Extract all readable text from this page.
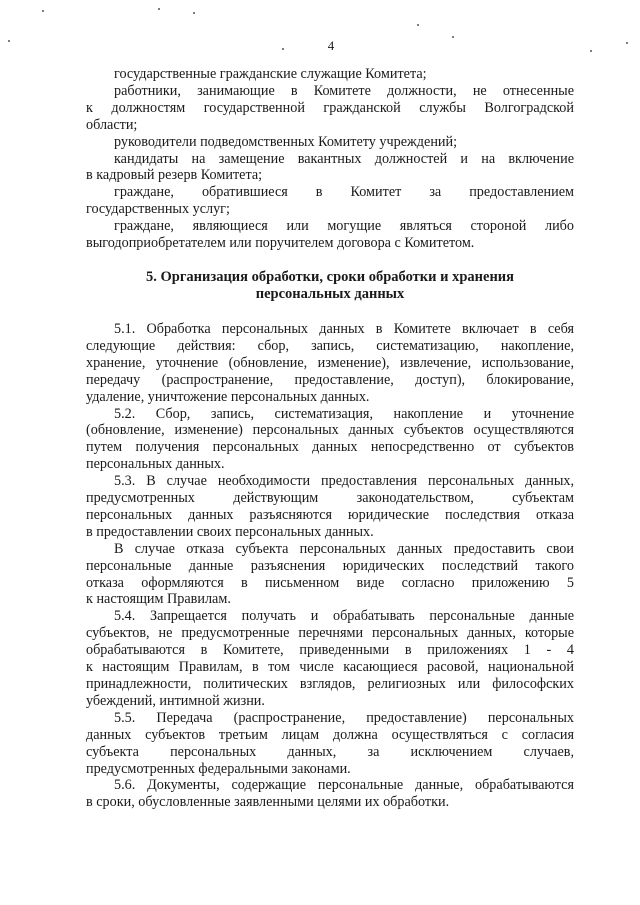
4
государственные гражданские служащие Комитета;
работники, занимающие в Комитете должности, не отнесенные
к должностям государственной гражданской службы Волгоградской
области;
руководители подведомственных Комитету учреждений;
кандидаты на замещение вакантных должностей и на включение
в кадровый резерв Комитета;
граждане, обратившиеся в Комитет за предоставлением
государственных услуг;
граждане, являющиеся или могущие являться стороной либо
выгодоприобретателем или поручителем договора с Комитетом.
5. Организация обработки, сроки обработки и хранения
персональных данных
5.1. Обработка персональных данных в Комитете включает в себя
следующие действия: сбор, запись, систематизацию, накопление,
хранение, уточнение (обновление, изменение), извлечение, использование,
передачу (распространение, предоставление, доступ), блокирование,
удаление, уничтожение персональных данных.
5.2. Сбор, запись, систематизация, накопление и уточнение
(обновление, изменение) персональных данных субъектов осуществляются
путем получения персональных данных непосредственно от субъектов
персональных данных.
5.3. В случае необходимости предоставления персональных данных,
предусмотренных действующим законодательством, субъектам
персональных данных разъясняются юридические последствия отказа
в предоставлении своих персональных данных.
В случае отказа субъекта персональных данных предоставить свои
персональные данные разъяснения юридических последствий такого
отказа оформляются в письменном виде согласно приложению 5
к настоящим Правилам.
5.4. Запрещается получать и обрабатывать персональные данные
субъектов, не предусмотренные перечнями персональных данных, которые
обрабатываются в Комитете, приведенными в приложениях 1 - 4
к настоящим Правилам, в том числе касающиеся расовой, национальной
принадлежности, политических взглядов, религиозных или философских
убеждений, интимной жизни.
5.5. Передача (распространение, предоставление) персональных
данных субъектов третьим лицам должна осуществляться с согласия
субъекта персональных данных, за исключением случаев,
предусмотренных федеральными законами.
5.6. Документы, содержащие персональные данные, обрабатываются
в сроки, обусловленные заявленными целями их обработки.
